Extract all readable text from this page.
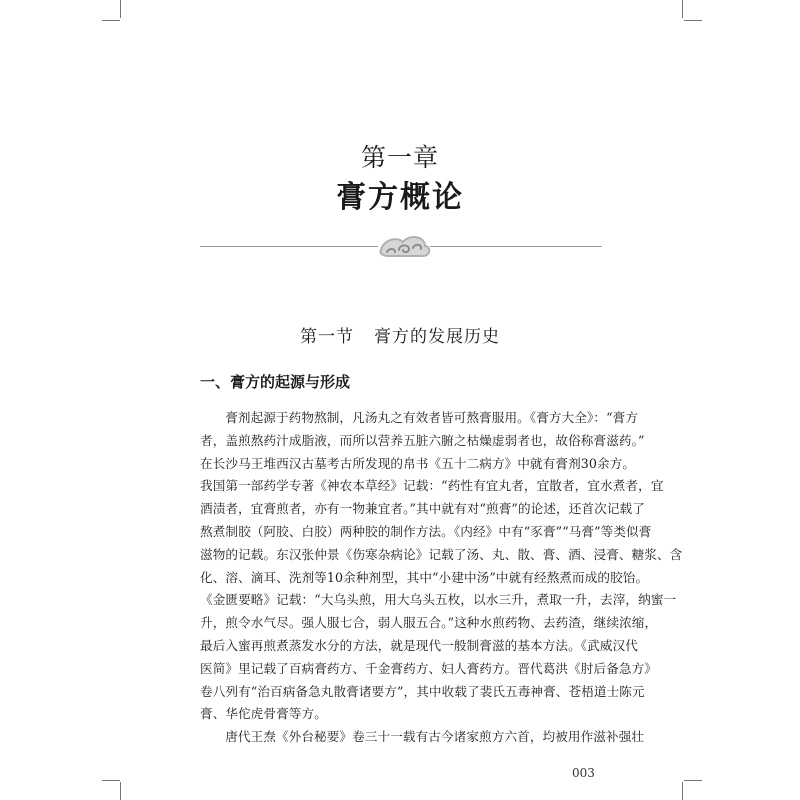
第一章
膏方概论
第一节 膏方的发展历史
一、膏方的起源与形成
膏剂起源于药物熬制，凡汤丸之有效者皆可熬膏服用。《膏方大全》：“膏方
者，盖煎熬药汁成脂液，而所以营养五脏六腑之枯燥虚弱者也，故俗称膏滋药。”
在长沙马王堆西汉古墓考古所发现的帛书《五十二病方》中就有膏剂30余方。
我国第一部药学专著《神农本草经》记载：“药性有宜丸者，宜散者，宜水煮者，宜
酒渍者，宜膏煎者，亦有一物兼宜者。”其中就有对“煎膏”的论述，还首次记载了
熬煮制胶（阿胶、白胶）两种胶的制作方法。《内经》中有“豕膏”“马膏”等类似膏
滋物的记载。东汉张仲景《伤寒杂病论》记载了汤、丸、散、膏、酒、浸膏、糖浆、含
化、溶、滴耳、洗剂等10余种剂型，其中“小建中汤”中就有经熬煮而成的胶饴。
《金匮要略》记载：“大乌头煎，用大乌头五枚，以水三升，煮取一升，去滓，纳蜜一
升，煎令水气尽。强人服七合，弱人服五合。”这种水煎药物、去药渣，继续浓缩，
最后入蜜再煎煮蒸发水分的方法，就是现代一般制膏滋的基本方法。《武威汉代
医简》里记载了百病膏药方、千金膏药方、妇人膏药方。晋代葛洪《肘后备急方》
卷八列有“治百病备急丸散膏诸要方”，其中收载了裴氏五毒神膏、苍梧道士陈元
膏、华佗虎骨膏等方。
唐代王焘《外台秘要》卷三十一载有古今诸家煎方六首，均被用作滋补强壮
003
